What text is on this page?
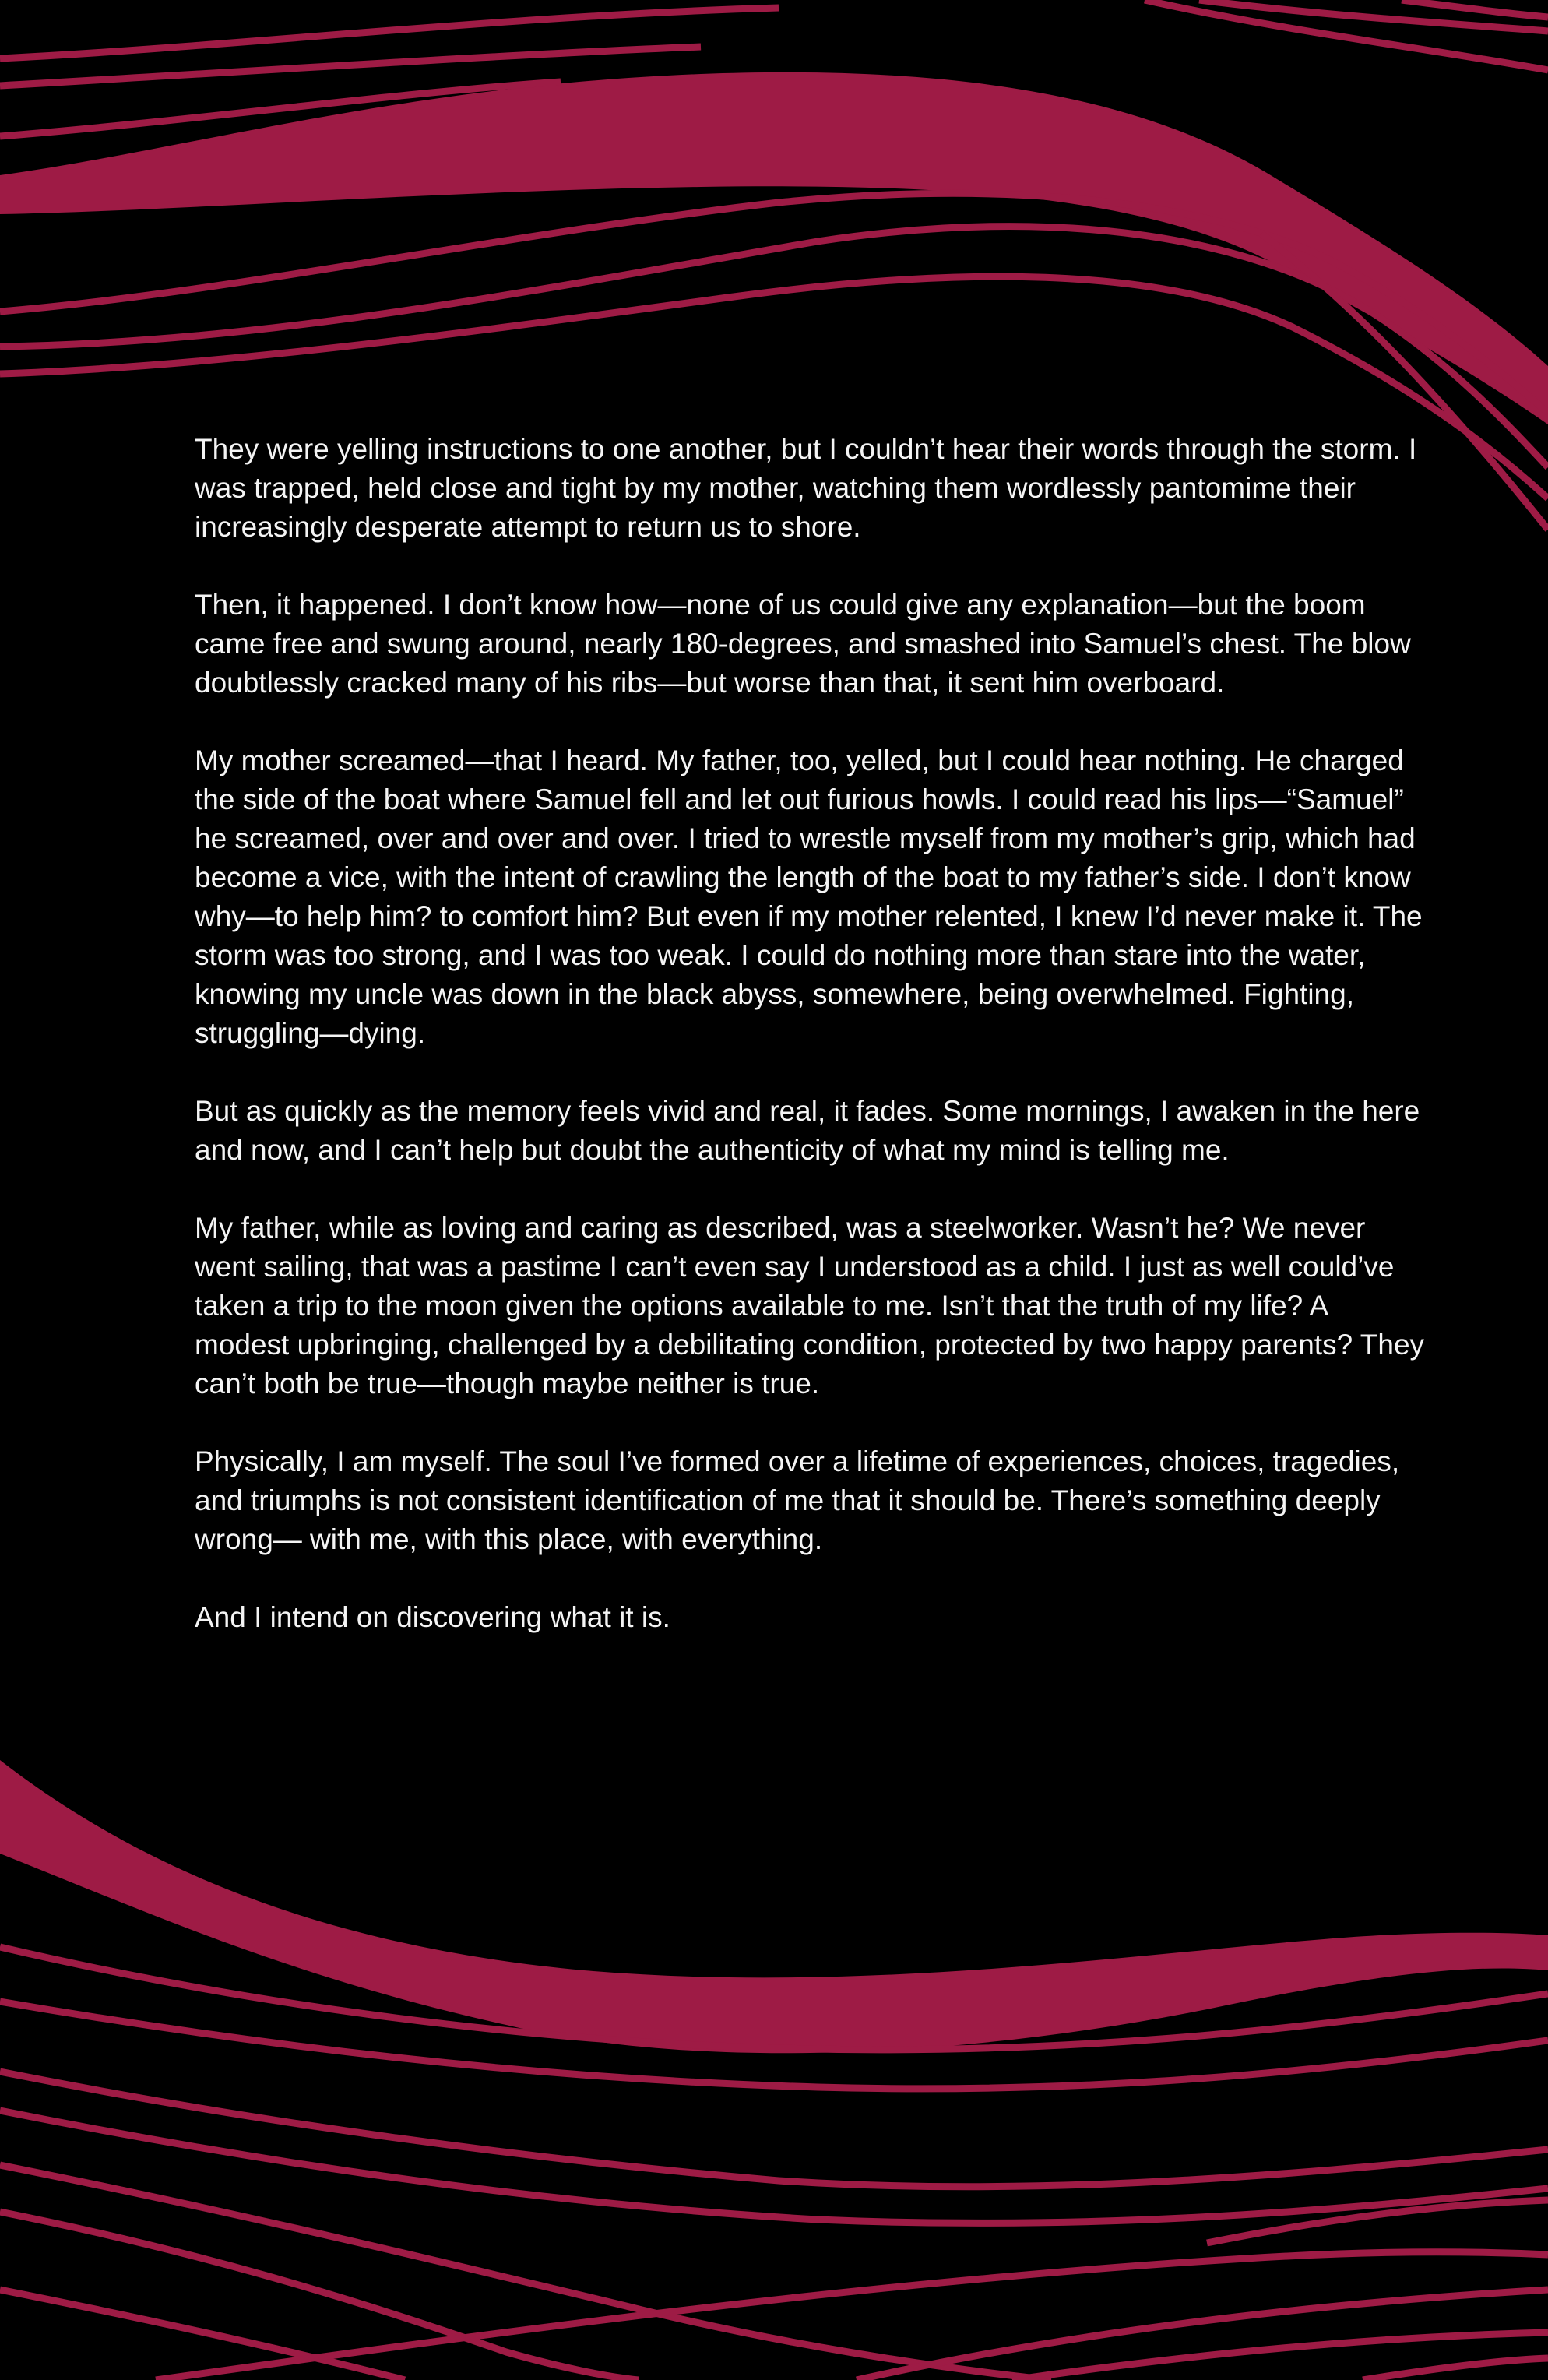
They were yelling instructions to one another, but I couldn’t hear their words through the storm. I was trapped, held close and tight by my mother, watching them wordlessly pantomime their increasingly desperate attempt to return us to shore.

Then, it happened. I don’t know how—none of us could give any explanation—but the boom came free and swung around, nearly 180-degrees, and smashed into Samuel’s chest. The blow doubtlessly cracked many of his ribs—but worse than that, it sent him overboard.

My mother screamed—that I heard. My father, too, yelled, but I could hear nothing. He charged the side of the boat where Samuel fell and let out furious howls. I could read his lips—“Samuel” he screamed, over and over and over. I tried to wrestle myself from my mother’s grip, which had become a vice, with the intent of crawling the length of the boat to my father’s side. I don’t know why—to help him? to comfort him? But even if my mother relented, I knew I’d never make it. The storm was too strong, and I was too weak. I could do nothing more than stare into the water, knowing my uncle was down in the black abyss, somewhere, being overwhelmed. Fighting, struggling—dying.

But as quickly as the memory feels vivid and real, it fades. Some mornings, I awaken in the here and now, and I can’t help but doubt the authenticity of what my mind is telling me.

My father, while as loving and caring as described, was a steelworker. Wasn’t he? We never went sailing, that was a pastime I can’t even say I understood as a child. I just as well could’ve taken a trip to the moon given the options available to me. Isn’t that the truth of my life? A modest upbringing, challenged by a debilitating condition, protected by two happy parents? They can’t both be true—though maybe neither is true.

Physically, I am myself. The soul I’ve formed over a lifetime of experiences, choices, tragedies, and triumphs is not consistent identification of me that it should be. There’s something deeply wrong— with me, with this place, with everything.

And I intend on discovering what it is.
